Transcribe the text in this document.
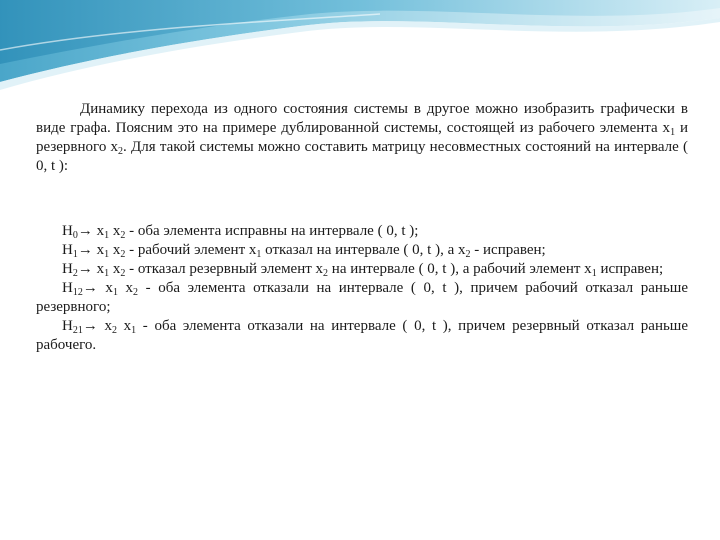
Динамику перехода из одного состояния системы в другое можно изобразить графически в виде графа. Поясним это на примере дублированной системы, состоящей из рабочего элемента $x_1$ и резервного $x_2$. Для такой системы можно составить матрицу несовместных состояний на интервале ( 0, t ):

$H_0\to x_1$ $x_2$ - оба элемента исправны на интервале ( 0, t );
$H_1\to x_1$ $x_2$ - рабочий элемент $x_1$ отказал на интервале ( 0, t ), а $x_2$ - исправен;
$H_2\to x_1$ $x_2$ - отказал резервный элемент $x_2$ на интервале ( 0, t ), а рабочий элемент $x_1$ исправен;
$H_{12}\to x_1$ $x_2$ - оба элемента отказали на интервале ( 0, t ), причем рабочий отказал раньше резервного;
$H_{21}\to x_2$ $x_1$ - оба элемента отказали на интервале ( 0, t ), причем резервный отказал раньше рабочего.
